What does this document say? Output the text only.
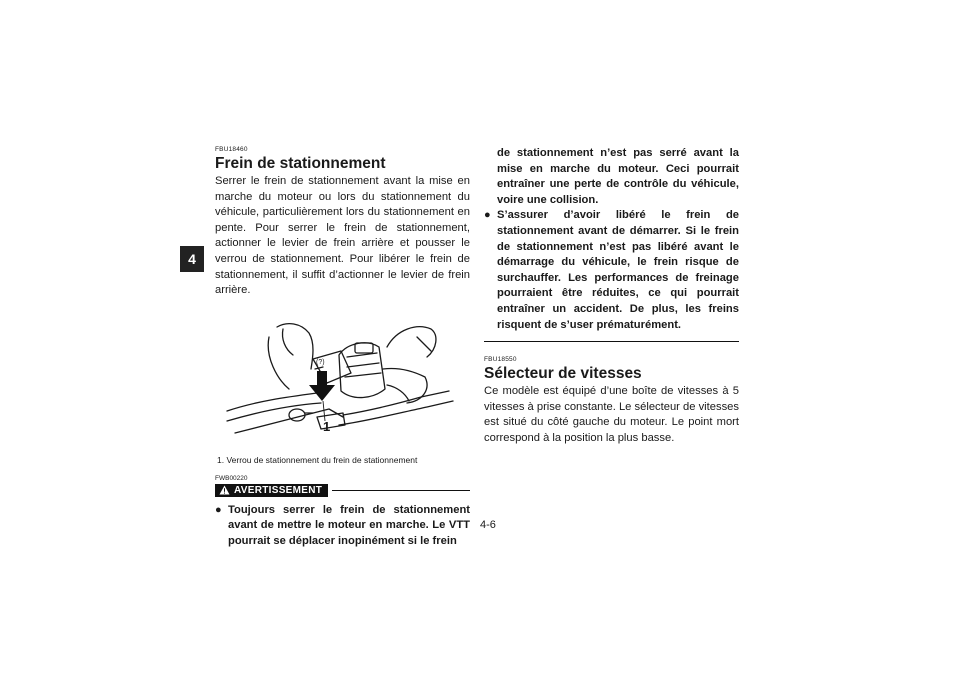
4
FBU18460
Frein de stationnement

Serrer le frein de stationnement avant la mise en marche du moteur ou lors du stationnement du véhicule, particulièrement lors du stationnement en pente. Pour serrer le frein de stationnement, actionner le levier de frein arrière et pousser le verrou de stationnement. Pour libérer le frein de stationnement, il suffit d’actionner le levier de frein arrière.

(?)
1
1. Verrou de stationnement du frein de stationnement
FWB00220
AVERTISSEMENT
● Toujours serrer le frein de stationnement avant de mettre le moteur en marche. Le VTT pourrait se déplacer inopinément si le frein

de stationnement n’est pas serré avant la mise en marche du moteur. Ceci pourrait entraîner une perte de contrôle du véhicule, voire une collision.

● S’assurer d’avoir libéré le frein de stationnement avant de démarrer. Si le frein de stationnement n’est pas libéré avant le démarrage du véhicule, le frein risque de surchauffer. Les performances de freinage pourraient être réduites, ce qui pourrait entraîner un accident. De plus, les freins risquent de s’user prématurément.
FBU18550
Sélecteur de vitesses

Ce modèle est équipé d’une boîte de vitesses à 5 vitesses à prise constante. Le sélecteur de vitesses est situé du côté gauche du moteur. Le point mort correspond à la position la plus basse.

4-6
